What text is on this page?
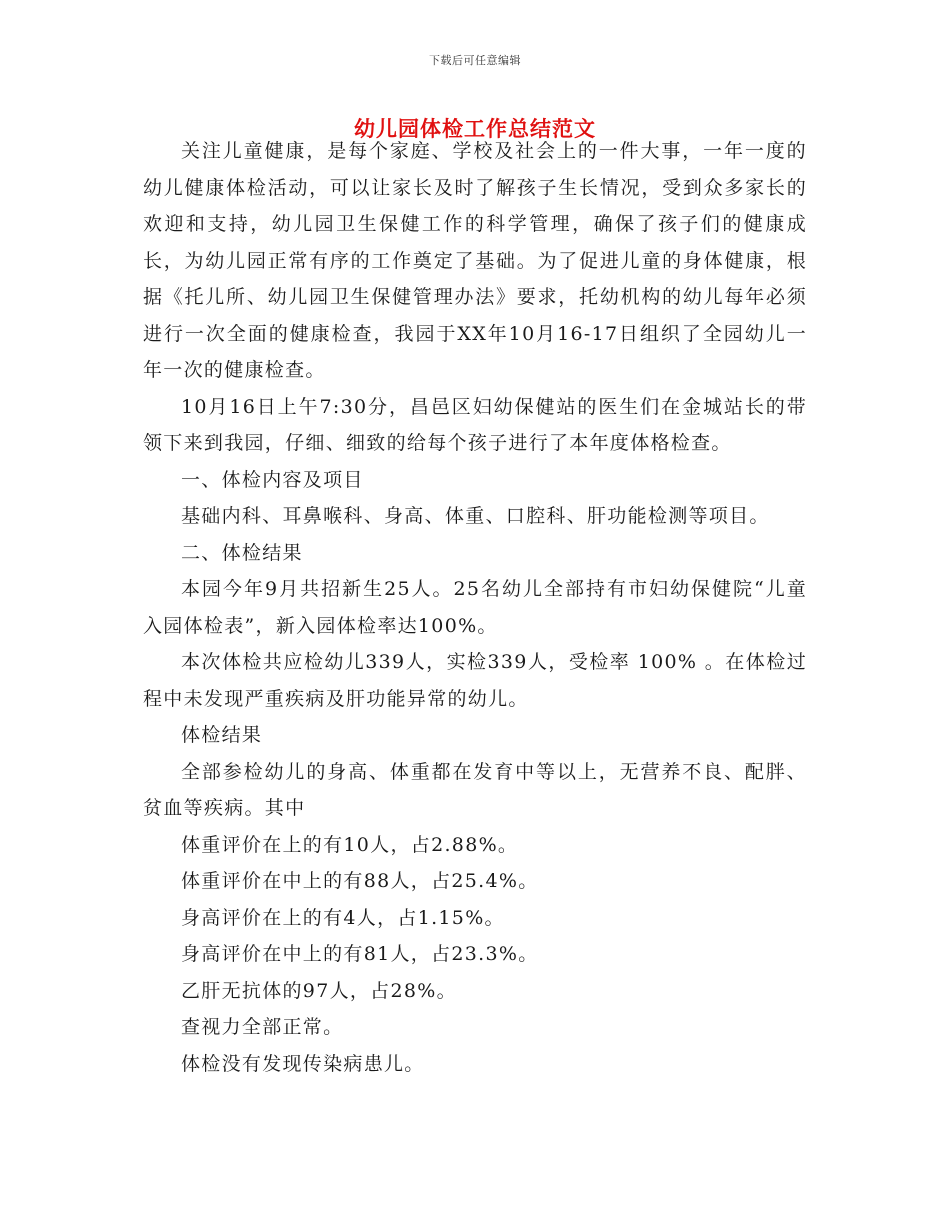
下载后可任意编辑
幼儿园体检工作总结范文

关注儿童健康，是每个家庭、学校及社会上的一件大事，一年一度的幼儿健康体检活动，可以让家长及时了解孩子生长情况，受到众多家长的欢迎和支持，幼儿园卫生保健工作的科学管理，确保了孩子们的健康成长，为幼儿园正常有序的工作奠定了基础。为了促进儿童的身体健康，根据《托儿所、幼儿园卫生保健管理办法》要求，托幼机构的幼儿每年必须进行一次全面的健康检查，我园于XX年10月16-17日组织了全园幼儿一年一次的健康检查。

10月16日上午7:30分，昌邑区妇幼保健站的医生们在金城站长的带领下来到我园，仔细、细致的给每个孩子进行了本年度体格检查。

一、体检内容及项目

基础内科、耳鼻喉科、身高、体重、口腔科、肝功能检测等项目。

二、体检结果

本园今年9月共招新生25人。25名幼儿全部持有市妇幼保健院“儿童入园体检表”，新入园体检率达100%。

本次体检共应检幼儿339人，实检339人，受检率 100% 。在体检过程中未发现严重疾病及肝功能异常的幼儿。

体检结果

全部参检幼儿的身高、体重都在发育中等以上，无营养不良、配胖、贫血等疾病。其中

体重评价在上的有10人，占2.88%。

体重评价在中上的有88人，占25.4%。

身高评价在上的有4人，占1.15%。

身高评价在中上的有81人，占23.3%。

乙肝无抗体的97人，占28%。

查视力全部正常。

体检没有发现传染病患儿。
